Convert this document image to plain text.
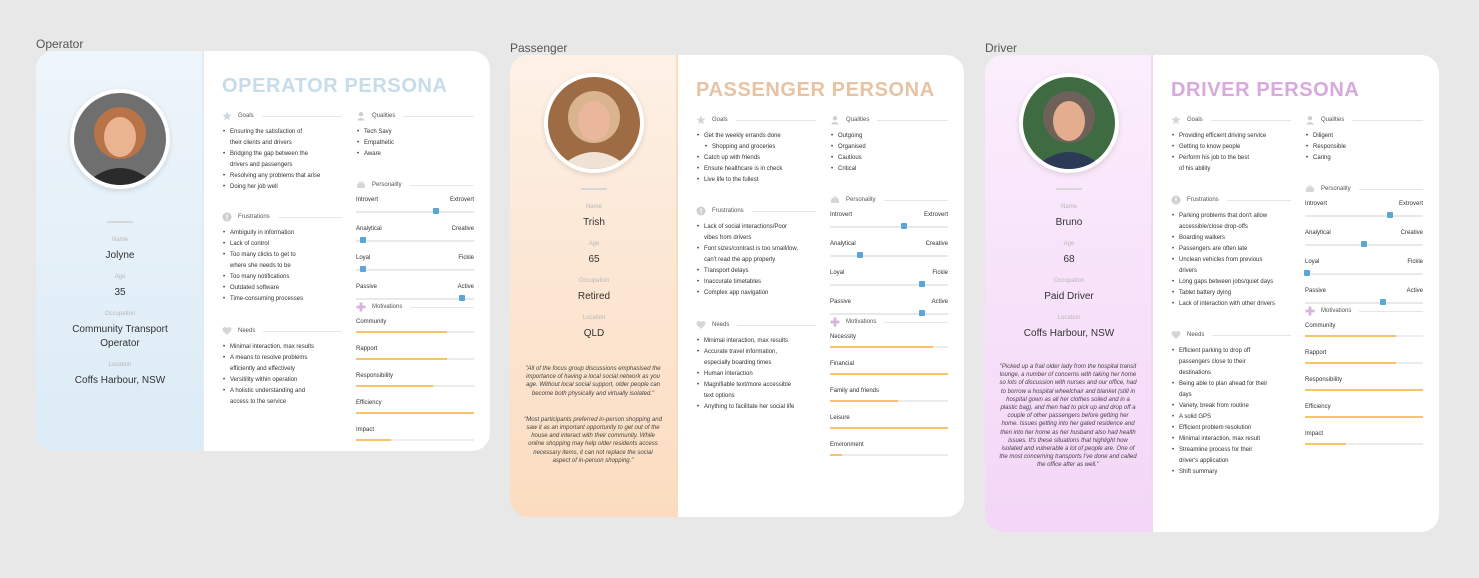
Operator
Name
Jolyne
Age
35
Occupation
Community Transport Operator
Location
Coffs Harbour, NSW
OPERATOR PERSONA
Goals
• Ensuring the satisfaction of
their clients and drivers
• Bridging the gap between the
drivers and passengers
• Resolving any problems that arise
• Doing her job well
Frustrations
• Ambiguity in information
• Lack of control
• Too many clicks to get to
where she needs to be
• Too many notifications
• Outdated software
• Time-consuming processes
Needs
• Minimal interaction, max results
• A means to resolve problems
efficiently and effectively
• Versitility within operation
• A holistic understanding and
access to the service
Qualities
• Tech Savy
• Empathetic
• Aware
Personality
Introvert	Extrovert
Analytical	Creative
Loyal	Fickle
Passive	Active
Motivations
Community
Rapport
Responsibility
Efficiency
Impact
Passenger
Name
Trish
Age
65
Occupation
Retired
Location
QLD
"All of the focus group discussions emphasised the importance of having a local social network as you age. Without local social support, older people can become both physically and virtually isolated."
"Most participants preferred in-person shopping and saw it as an important opportunity to get out of the house and interact with their community. While online shopping may help older residents access necessary items, it can not replace the social aspect of in-person shopping."
PASSENGER PERSONA
Goals
• Get the weekly errands done
• Shopping and groceries
• Catch up with friends
• Ensure healthcare is in check
• Live life to the fullest
Frustrations
• Lack of social interactions/Poor
vibes from drivers
• Font sizes/contrast is too small/low,
can't read the app properly
• Transport delays
• Inaccurate timetables
• Complex app navigation
Needs
• Minimal interaction, max results
• Accurate travel information,
especially boarding times
• Human interaction
• Magnifiable text/more accessible
text options
• Anything to facilitate her social life
Qualities
• Outgoing
• Organised
• Cautious
• Critical
Personality
Introvert	Extrovert
Analytical	Creative
Loyal	Fickle
Passive	Active
Motivations
Necessity
Financial
Family and friends
Leisure
Environment
Driver
Name
Bruno
Age
68
Occupation
Paid Driver
Location
Coffs Harbour, NSW
"Picked up a frail older lady from the hospital transit lounge, a number of concerns with taking her home so lots of discussion with nurses and our office, had to borrow a hospital wheelchair and blanket (still in hospital gown as all her clothes soiled and in a plastic bag), and then had to pick up and drop off a couple of other passengers before getting her home. Issues getting into her gated residence and then into her home as her husband also had health issues. It's these situations that highlight how isolated and vulnerable a lot of people are. One of the most concerning transports I've done and called the office after as well."
DRIVER PERSONA
Goals
• Providing efficient driving service
• Getting to know people
• Perform his job to the best
of his ability
Frustrations
• Parking problems that don't allow
accessible/close drop-offs
• Boarding walkers
• Passengers are often late
• Unclean vehicles from previous
drivers
• Long gaps between jobs/quiet days
• Tablet battery dying
• Lack of interaction with other drivers
Needs
• Efficient parking to drop off
passengers close to their
destinations
• Being able to plan ahead for their
days
• Variety, break from routine
• A solid GPS
• Efficient problem resolution
• Minimal interaction, max result
• Streamline process for their
driver's application
• Shift summary
Qualities
• Diligent
• Responsible
• Caring
Personality
Introvert	Extrovert
Analytical	Creative
Loyal	Fickle
Passive	Active
Motivations
Community
Rapport
Responsibility
Efficiency
Impact
